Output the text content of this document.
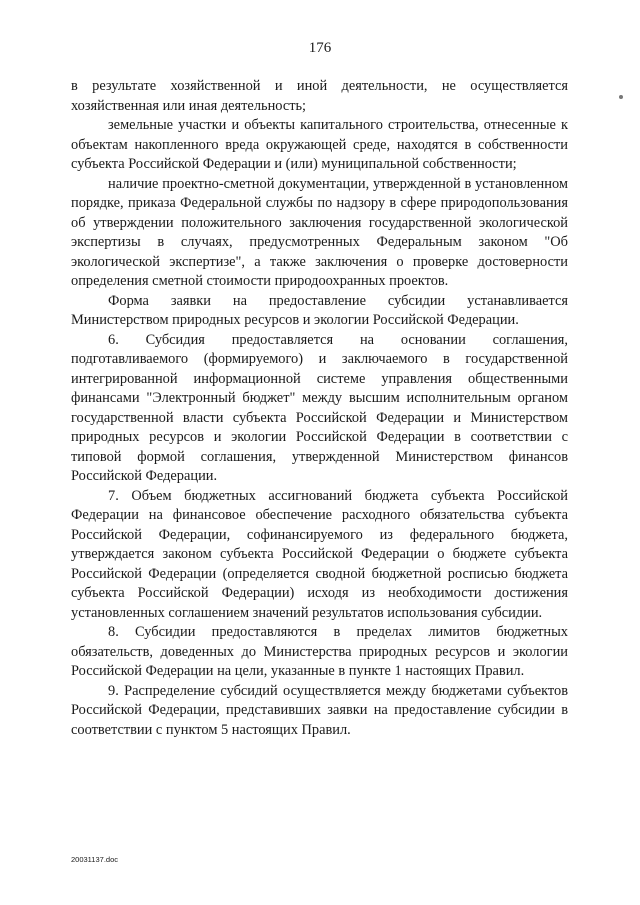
176

в результате хозяйственной и иной деятельности, не осуществляется хозяйственная или иная деятельность;

земельные участки и объекты капитального строительства, отнесенные к объектам накопленного вреда окружающей среде, находятся в собственности субъекта Российской Федерации и (или) муниципальной собственности;

наличие проектно-сметной документации, утвержденной в установленном порядке, приказа Федеральной службы по надзору в сфере природопользования об утверждении положительного заключения государственной экологической экспертизы в случаях, предусмотренных Федеральным законом "Об экологической экспертизе", а также заключения о проверке достоверности определения сметной стоимости природоохранных проектов.

Форма заявки на предоставление субсидии устанавливается Министерством природных ресурсов и экологии Российской Федерации.

6. Субсидия предоставляется на основании соглашения, подготавливаемого (формируемого) и заключаемого в государственной интегрированной информационной системе управления общественными финансами "Электронный бюджет" между высшим исполнительным органом государственной власти субъекта Российской Федерации и Министерством природных ресурсов и экологии Российской Федерации в соответствии с типовой формой соглашения, утвержденной Министерством финансов Российской Федерации.

7. Объем бюджетных ассигнований бюджета субъекта Российской Федерации на финансовое обеспечение расходного обязательства субъекта Российской Федерации, софинансируемого из федерального бюджета, утверждается законом субъекта Российской Федерации о бюджете субъекта Российской Федерации (определяется сводной бюджетной росписью бюджета субъекта Российской Федерации) исходя из необходимости достижения установленных соглашением значений результатов использования субсидии.

8. Субсидии предоставляются в пределах лимитов бюджетных обязательств, доведенных до Министерства природных ресурсов и экологии Российской Федерации на цели, указанные в пункте 1 настоящих Правил.

9. Распределение субсидий осуществляется между бюджетами субъектов Российской Федерации, представивших заявки на предоставление субсидии в соответствии с пунктом 5 настоящих Правил.

20031137.doc
